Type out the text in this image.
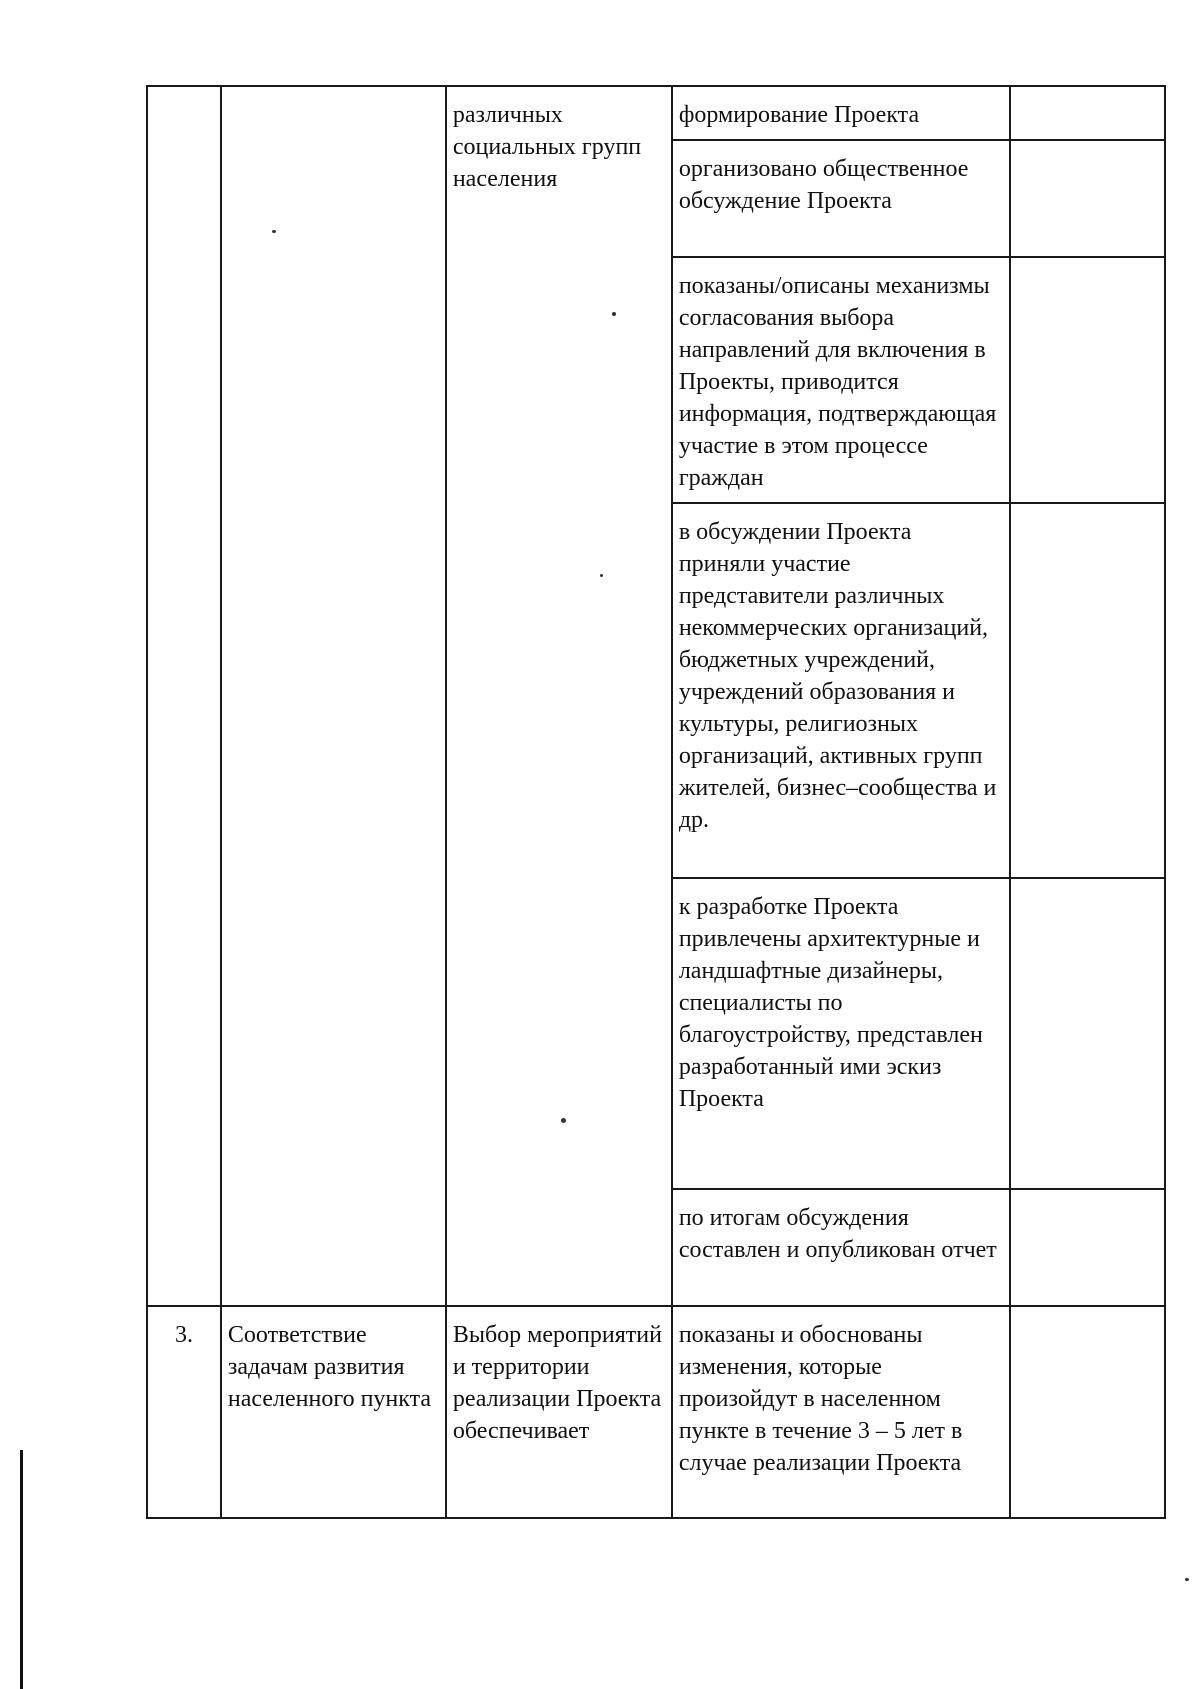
		различных социальных групп населения	формирование Проекта	
			организовано общественное обсуждение Проекта	
			показаны/описаны механизмы согласования выбора направлений для включения в Проекты, приводится информация, подтверждающая участие в этом процессе граждан	
			в обсуждении Проекта приняли участие представители различных некоммерческих организаций, бюджетных учреждений, учреждений образования и культуры, религиозных организаций, активных групп жителей, бизнес–сообщества и др.	
			к разработке Проекта привлечены архитектурные и ландшафтные дизайнеры, специалисты по благоустройству, представлен разработанный ими эскиз Проекта	
			по итогам обсуждения составлен и опубликован отчет	
3.	Соответствие задачам развития населенного пункта	Выбор мероприятий и территории реализации Проекта обеспечивает	показаны и обоснованы изменения, которые произойдут в населенном пункте в течение 3 – 5 лет в случае реализации Проекта	
